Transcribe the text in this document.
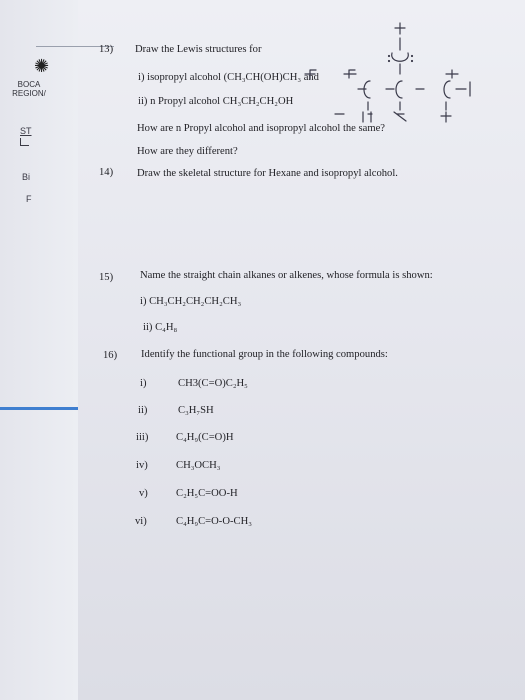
✺
BOCA
REGION/
ST
Bi
F
13) Draw the Lewis structures for
i) isopropyl alcohol (CH₃CH(OH)CH₃ and
ii) n Propyl alcohol CH₃CH₂CH₂OH
How are n Propyl alcohol and isopropyl alcohol the same?
How are they different?
14) Draw the skeletal structure for Hexane and isopropyl alcohol.
15)	Name the straight chain alkanes or alkenes, whose formula is shown:
i) CH₃CH₂CH₂CH₂CH₃
ii) C₄H₈
16) Identify the functional group in the following compounds:
i)	CH3(C=O)C₂H₅
ii)	C₃H₇SH
iii)	C₄H₉(C=O)H
iv)	CH₃OCH₃
v)	C₂H₅C=OO-H
vi)	C₄H₉C=O-O-CH₃
